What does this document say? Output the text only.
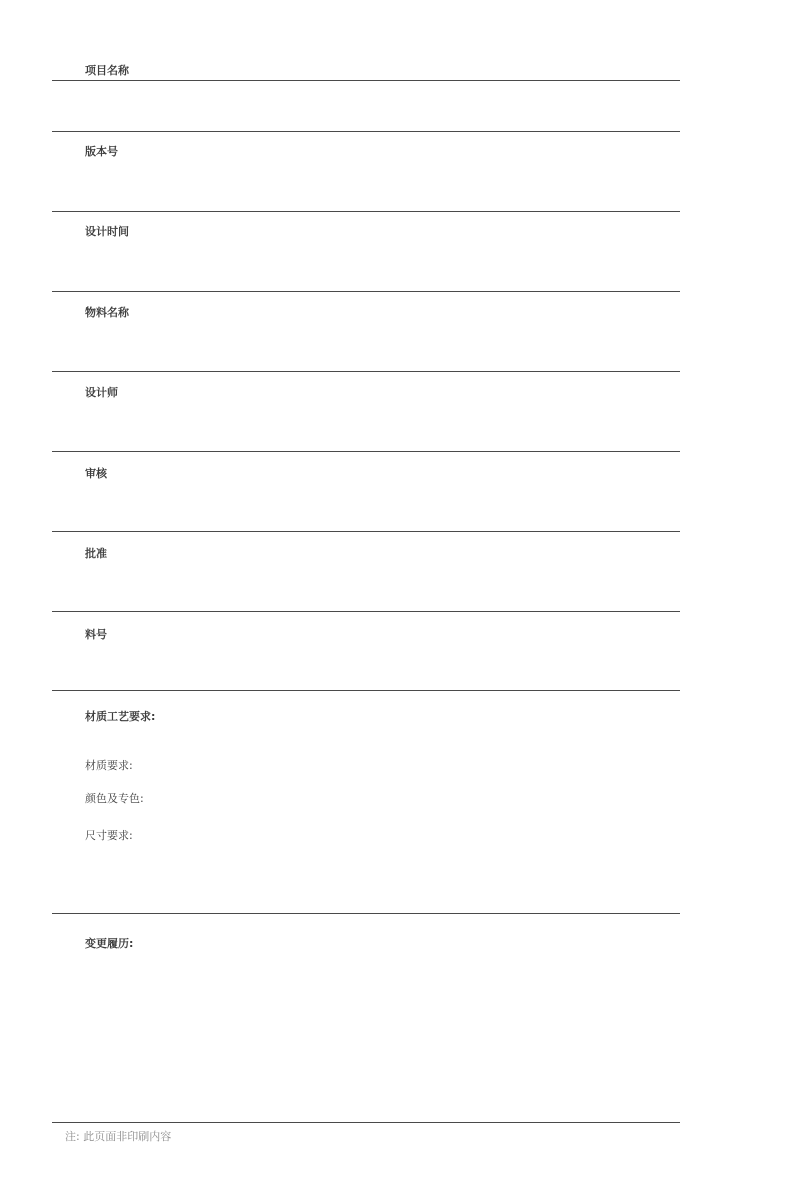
项目名称
版本号
设计时间
物料名称
设计师
审核
批准
料号
材质工艺要求:
材质要求:
颜色及专色:
尺寸要求:
变更履历:
注: 此页面非印刷内容
